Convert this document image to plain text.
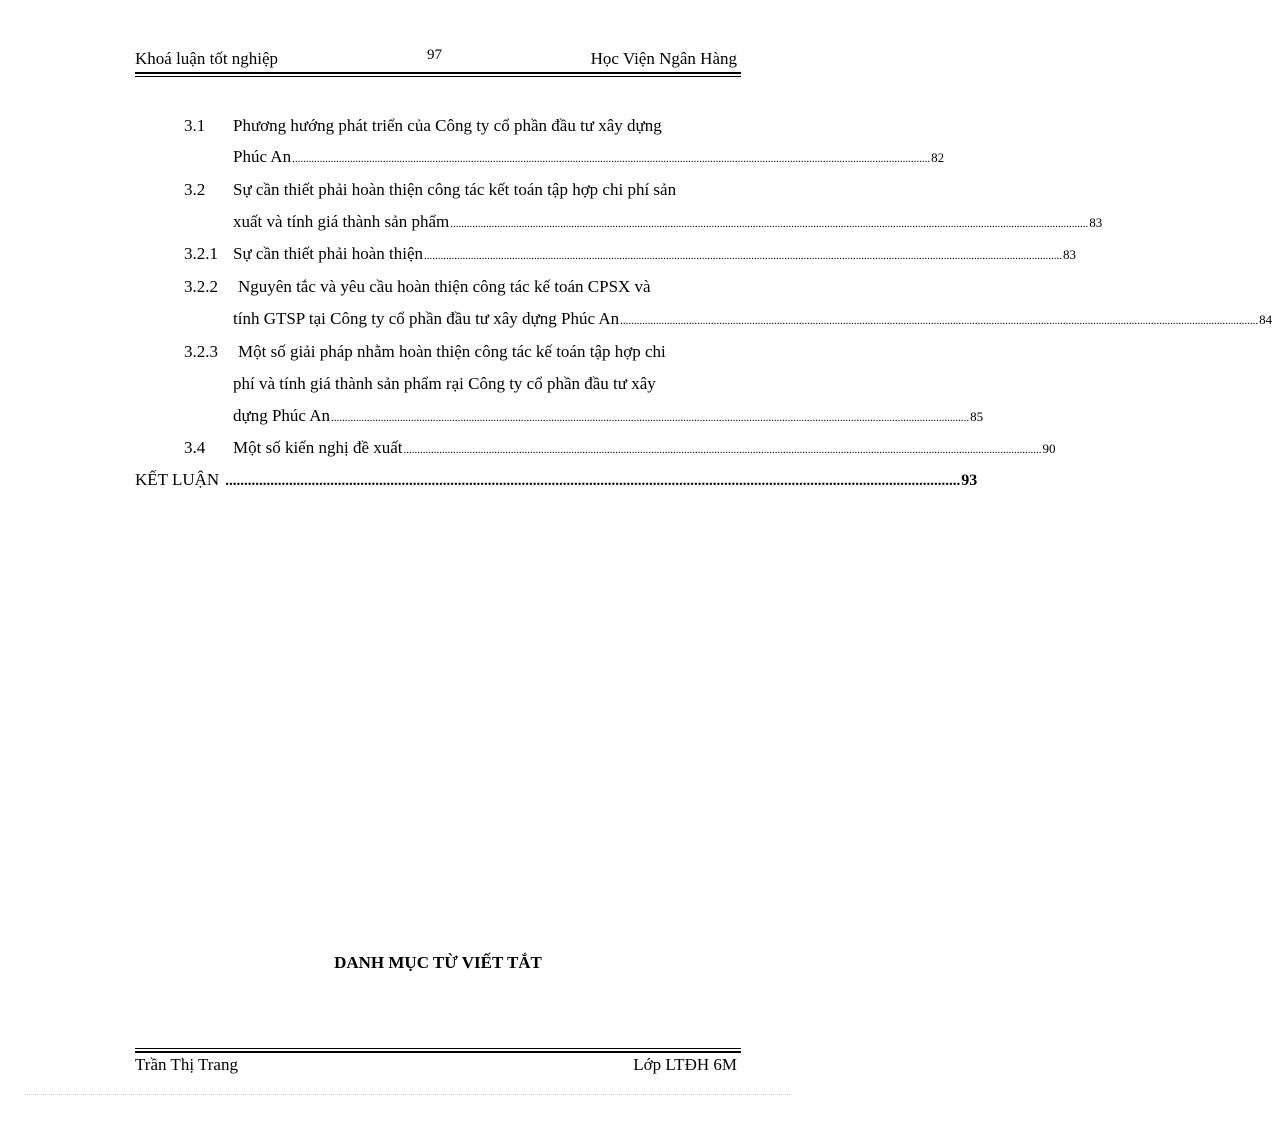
Khoá luận tốt nghiệp	97	Học Viện Ngân Hàng
3.1 Phương hướng phát triển của Công ty cổ phần đầu tư xây dựng
Phúc An ........................................................................................................................................................................................................................................ 82
3.2 Sự cần thiết phải hoàn thiện công tác kết toán tập hợp chi phí sản
xuất và tính giá thành sản phẩm ........................................................................................................................................................................................................................................ 83
3.2.1 Sự cần thiết phải hoàn thiện ........................................................................................................................................................................................................................................ 83
3.2.2 Nguyên tắc và yêu cầu hoàn thiện công tác kế toán CPSX và
tính GTSP tại Công ty cổ phần đầu tư xây dựng Phúc An ........................................................................................................................................................................................................................................ 84
3.2.3 Một số giải pháp nhằm hoàn thiện công tác kế toán tập hợp chi
phí và tính giá thành sản phẩm rại Công ty cổ phần đầu tư xây
dựng Phúc An ........................................................................................................................................................................................................................................ 85
3.4 Một số kiến nghị đề xuất ........................................................................................................................................................................................................................................ 90
KẾT LUẬN .................................................................................................................................................................................................... 93
DANH MỤC TỪ VIẾT TẮT
Trần Thị Trang	Lớp LTĐH 6M
